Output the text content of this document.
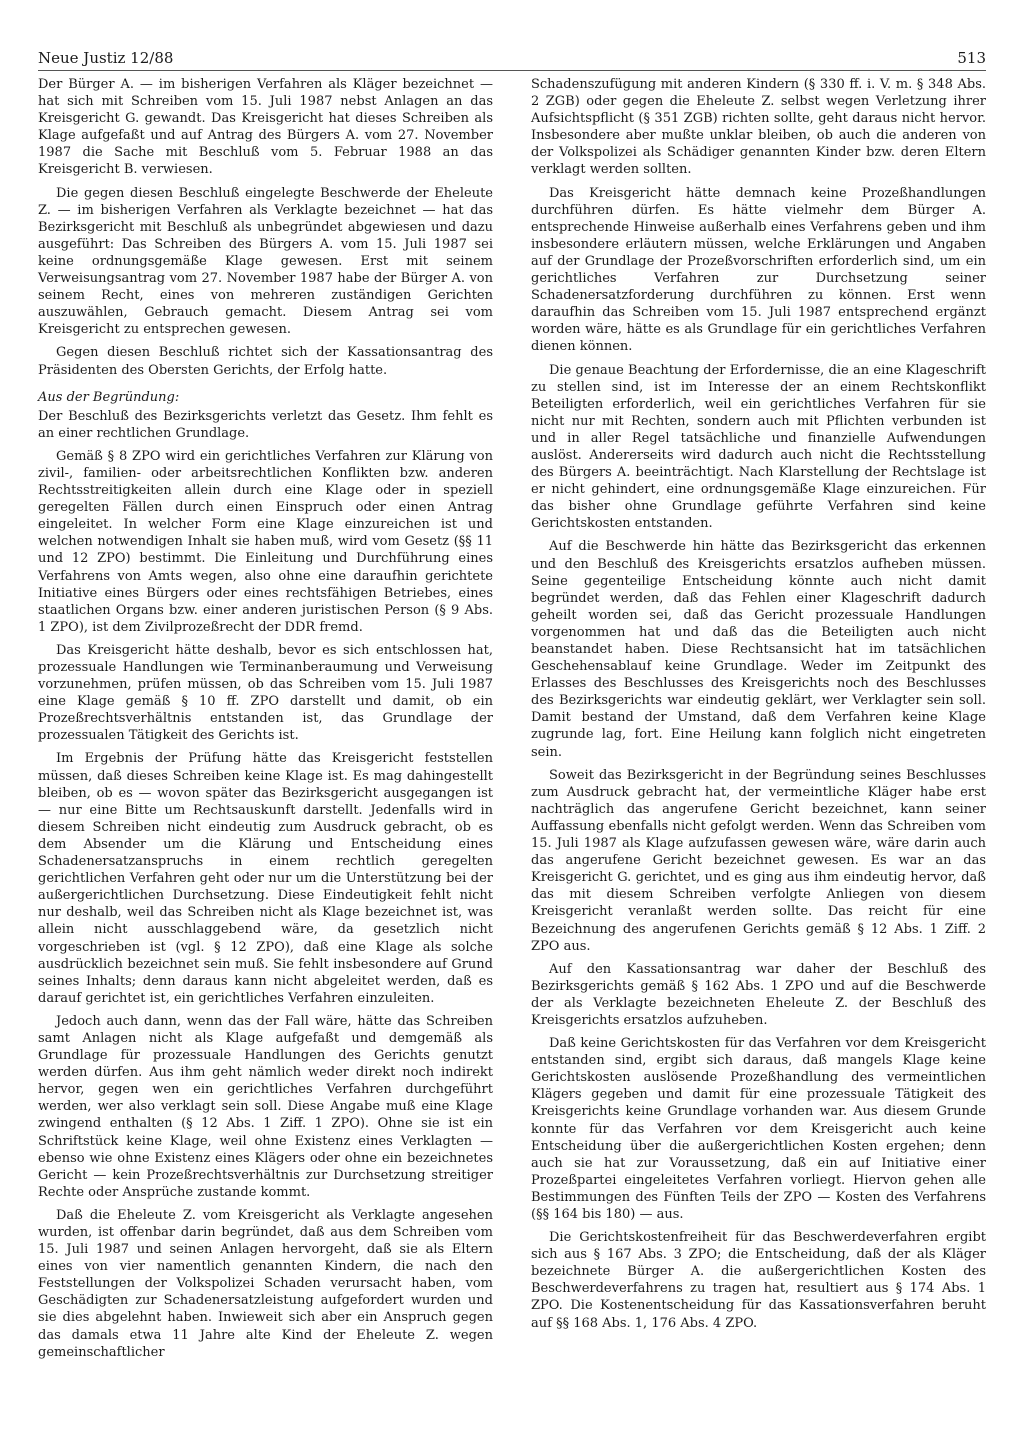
Neue Justiz 12/88	513

Der Bürger A. — im bisherigen Verfahren als Kläger bezeichnet — hat sich mit Schreiben vom 15. Juli 1987 nebst Anlagen an das Kreisgericht G. gewandt. Das Kreisgericht hat dieses Schreiben als Klage aufgefaßt und auf Antrag des Bürgers A. vom 27. November 1987 die Sache mit Beschluß vom 5. Februar 1988 an das Kreisgericht B. verwiesen.

Die gegen diesen Beschluß eingelegte Beschwerde der Eheleute Z. — im bisherigen Verfahren als Verklagte bezeichnet — hat das Bezirksgericht mit Beschluß als unbegründet abgewiesen und dazu ausgeführt: Das Schreiben des Bürgers A. vom 15. Juli 1987 sei keine ordnungsgemäße Klage gewesen. Erst mit seinem Verweisungsantrag vom 27. November 1987 habe der Bürger A. von seinem Recht, eines von mehreren zuständigen Gerichten auszuwählen, Gebrauch gemacht. Diesem Antrag sei vom Kreisgericht zu entsprechen gewesen.

Gegen diesen Beschluß richtet sich der Kassationsantrag des Präsidenten des Obersten Gerichts, der Erfolg hatte.

Aus der Begründung:

Der Beschluß des Bezirksgerichts verletzt das Gesetz. Ihm fehlt es an einer rechtlichen Grundlage.

Gemäß § 8 ZPO wird ein gerichtliches Verfahren zur Klärung von zivil-, familien- oder arbeitsrechtlichen Konflikten bzw. anderen Rechtsstreitigkeiten allein durch eine Klage oder in speziell geregelten Fällen durch einen Einspruch oder einen Antrag eingeleitet. In welcher Form eine Klage einzureichen ist und welchen notwendigen Inhalt sie haben muß, wird vom Gesetz (§§ 11 und 12 ZPO) bestimmt. Die Einleitung und Durchführung eines Verfahrens von Amts wegen, also ohne eine daraufhin gerichtete Initiative eines Bürgers oder eines rechtsfähigen Betriebes, eines staatlichen Organs bzw. einer anderen juristischen Person (§ 9 Abs. 1 ZPO), ist dem Zivilprozeßrecht der DDR fremd.

Das Kreisgericht hätte deshalb, bevor es sich entschlossen hat, prozessuale Handlungen wie Terminanberaumung und Verweisung vorzunehmen, prüfen müssen, ob das Schreiben vom 15. Juli 1987 eine Klage gemäß § 10 ff. ZPO darstellt und damit, ob ein Prozeßrechtsverhältnis entstanden ist, das Grundlage der prozessualen Tätigkeit des Gerichts ist.

Im Ergebnis der Prüfung hätte das Kreisgericht feststellen müssen, daß dieses Schreiben keine Klage ist. Es mag dahingestellt bleiben, ob es — wovon später das Bezirksgericht ausgegangen ist — nur eine Bitte um Rechtsauskunft darstellt. Jedenfalls wird in diesem Schreiben nicht eindeutig zum Ausdruck gebracht, ob es dem Absender um die Klärung und Entscheidung eines Schadenersatzanspruchs in einem rechtlich geregelten gerichtlichen Verfahren geht oder nur um die Unterstützung bei der außergerichtlichen Durchsetzung. Diese Eindeutigkeit fehlt nicht nur deshalb, weil das Schreiben nicht als Klage bezeichnet ist, was allein nicht ausschlaggebend wäre, da gesetzlich nicht vorgeschrieben ist (vgl. § 12 ZPO), daß eine Klage als solche ausdrücklich bezeichnet sein muß. Sie fehlt insbesondere auf Grund seines Inhalts; denn daraus kann nicht abgeleitet werden, daß es darauf gerichtet ist, ein gerichtliches Verfahren einzuleiten.

Jedoch auch dann, wenn das der Fall wäre, hätte das Schreiben samt Anlagen nicht als Klage aufgefaßt und demgemäß als Grundlage für prozessuale Handlungen des Gerichts genutzt werden dürfen. Aus ihm geht nämlich weder direkt noch indirekt hervor, gegen wen ein gerichtliches Verfahren durchgeführt werden, wer also verklagt sein soll. Diese Angabe muß eine Klage zwingend enthalten (§ 12 Abs. 1 Ziff. 1 ZPO). Ohne sie ist ein Schriftstück keine Klage, weil ohne Existenz eines Verklagten — ebenso wie ohne Existenz eines Klägers oder ohne ein bezeichnetes Gericht — kein Prozeßrechtsverhältnis zur Durchsetzung streitiger Rechte oder Ansprüche zustande kommt.

Daß die Eheleute Z. vom Kreisgericht als Verklagte angesehen wurden, ist offenbar darin begründet, daß aus dem Schreiben vom 15. Juli 1987 und seinen Anlagen hervorgeht, daß sie als Eltern eines von vier namentlich genannten Kindern, die nach den Feststellungen der Volkspolizei Schaden verursacht haben, vom Geschädigten zur Schadenersatzleistung aufgefordert wurden und sie dies abgelehnt haben. Inwieweit sich aber ein Anspruch gegen das damals etwa 11 Jahre alte Kind der Eheleute Z. wegen gemeinschaftlicher

Schadenszufügung mit anderen Kindern (§ 330 ff. i. V. m. § 348 Abs. 2 ZGB) oder gegen die Eheleute Z. selbst wegen Verletzung ihrer Aufsichtspflicht (§ 351 ZGB) richten sollte, geht daraus nicht hervor. Insbesondere aber mußte unklar bleiben, ob auch die anderen von der Volkspolizei als Schädiger genannten Kinder bzw. deren Eltern verklagt werden sollten.

Das Kreisgericht hätte demnach keine Prozeßhandlungen durchführen dürfen. Es hätte vielmehr dem Bürger A. entsprechende Hinweise außerhalb eines Verfahrens geben und ihm insbesondere erläutern müssen, welche Erklärungen und Angaben auf der Grundlage der Prozeßvorschriften erforderlich sind, um ein gerichtliches Verfahren zur Durchsetzung seiner Schadenersatzforderung durchführen zu können. Erst wenn daraufhin das Schreiben vom 15. Juli 1987 entsprechend ergänzt worden wäre, hätte es als Grundlage für ein gerichtliches Verfahren dienen können.

Die genaue Beachtung der Erfordernisse, die an eine Klageschrift zu stellen sind, ist im Interesse der an einem Rechtskonflikt Beteiligten erforderlich, weil ein gerichtliches Verfahren für sie nicht nur mit Rechten, sondern auch mit Pflichten verbunden ist und in aller Regel tatsächliche und finanzielle Aufwendungen auslöst. Andererseits wird dadurch auch nicht die Rechtsstellung des Bürgers A. beeinträchtigt. Nach Klarstellung der Rechtslage ist er nicht gehindert, eine ordnungsgemäße Klage einzureichen. Für das bisher ohne Grundlage geführte Verfahren sind keine Gerichtskosten entstanden.

Auf die Beschwerde hin hätte das Bezirksgericht das erkennen und den Beschluß des Kreisgerichts ersatzlos aufheben müssen. Seine gegenteilige Entscheidung könnte auch nicht damit begründet werden, daß das Fehlen einer Klageschrift dadurch geheilt worden sei, daß das Gericht prozessuale Handlungen vorgenommen hat und daß das die Beteiligten auch nicht beanstandet haben. Diese Rechtsansicht hat im tatsächlichen Geschehensablauf keine Grundlage. Weder im Zeitpunkt des Erlasses des Beschlusses des Kreisgerichts noch des Beschlusses des Bezirksgerichts war eindeutig geklärt, wer Verklagter sein soll. Damit bestand der Umstand, daß dem Verfahren keine Klage zugrunde lag, fort. Eine Heilung kann folglich nicht eingetreten sein.

Soweit das Bezirksgericht in der Begründung seines Beschlusses zum Ausdruck gebracht hat, der vermeintliche Kläger habe erst nachträglich das angerufene Gericht bezeichnet, kann seiner Auffassung ebenfalls nicht gefolgt werden. Wenn das Schreiben vom 15. Juli 1987 als Klage aufzufassen gewesen wäre, wäre darin auch das angerufene Gericht bezeichnet gewesen. Es war an das Kreisgericht G. gerichtet, und es ging aus ihm eindeutig hervor, daß das mit diesem Schreiben verfolgte Anliegen von diesem Kreisgericht veranlaßt werden sollte. Das reicht für eine Bezeichnung des angerufenen Gerichts gemäß § 12 Abs. 1 Ziff. 2 ZPO aus.

Auf den Kassationsantrag war daher der Beschluß des Bezirksgerichts gemäß § 162 Abs. 1 ZPO und auf die Beschwerde der als Verklagte bezeichneten Eheleute Z. der Beschluß des Kreisgerichts ersatzlos aufzuheben.

Daß keine Gerichtskosten für das Verfahren vor dem Kreisgericht entstanden sind, ergibt sich daraus, daß mangels Klage keine Gerichtskosten auslösende Prozeßhandlung des vermeintlichen Klägers gegeben und damit für eine prozessuale Tätigkeit des Kreisgerichts keine Grundlage vorhanden war. Aus diesem Grunde konnte für das Verfahren vor dem Kreisgericht auch keine Entscheidung über die außergerichtlichen Kosten ergehen; denn auch sie hat zur Voraussetzung, daß ein auf Initiative einer Prozeßpartei eingeleitetes Verfahren vorliegt. Hiervon gehen alle Bestimmungen des Fünften Teils der ZPO — Kosten des Verfahrens (§§ 164 bis 180) — aus.

Die Gerichtskostenfreiheit für das Beschwerdeverfahren ergibt sich aus § 167 Abs. 3 ZPO; die Entscheidung, daß der als Kläger bezeichnete Bürger A. die außergerichtlichen Kosten des Beschwerdeverfahrens zu tragen hat, resultiert aus § 174 Abs. 1 ZPO. Die Kostenentscheidung für das Kassationsverfahren beruht auf §§ 168 Abs. 1, 176 Abs. 4 ZPO.
